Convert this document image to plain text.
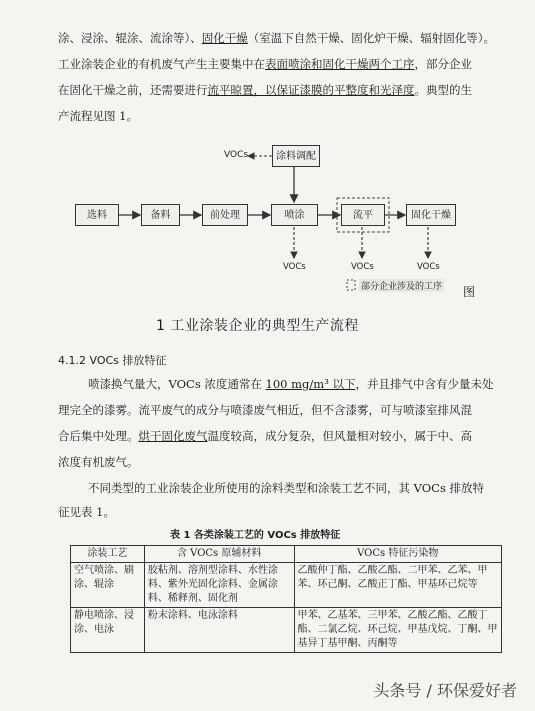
涂、浸涂、辊涂、流涂等）、固化干燥（室温下自然干燥、固化炉干燥、辐射固化等）。
工业涂装企业的有机废气产生主要集中在表面喷涂和固化干燥两个工序，部分企业
在固化干燥之前，还需要进行流平晾置，以保证漆膜的平整度和光泽度。典型的生
产流程见图 1。
涂料调配
VOCs
选料	备料	前处理	喷涂	流平	固化干燥
VOCs	VOCs	VOCs
部分企业涉及的工序 图
1 工业涂装企业的典型生产流程
4.1.2 VOCs 排放特征
喷漆换气量大，VOCs 浓度通常在 100 mg/m³ 以下，并且排气中含有少量未处
理完全的漆雾。流平废气的成分与喷漆废气相近，但不含漆雾，可与喷漆室排风混
合后集中处理。烘干固化废气温度较高，成分复杂，但风量相对较小，属于中、高
浓度有机废气。
不同类型的工业涂装企业所使用的涂料类型和涂装工艺不同，其 VOCs 排放特
征见表 1。
表 1 各类涂装工艺的 VOCs 排放特征
涂装工艺	含 VOCs 原辅材料	VOCs 特征污染物
空气喷涂、刷涂、辊涂	胶粘剂、溶剂型涂料、水性涂料、紫外光固化涂料、金属涂料、稀释剂、固化剂	乙酸仲丁酯、乙酸乙酯、二甲苯、乙苯、甲苯、环己酮、乙酸正丁酯、甲基环己烷等
静电喷涂、浸涂、电泳	粉末涂料、电泳涂料	甲苯、乙基苯、三甲苯、乙酸乙酯、乙酸丁酯、二氯乙烷、环己烷、甲基戊烷、丁酮、甲基异丁基甲酮、丙酮等
头条号 / 环保爱好者
